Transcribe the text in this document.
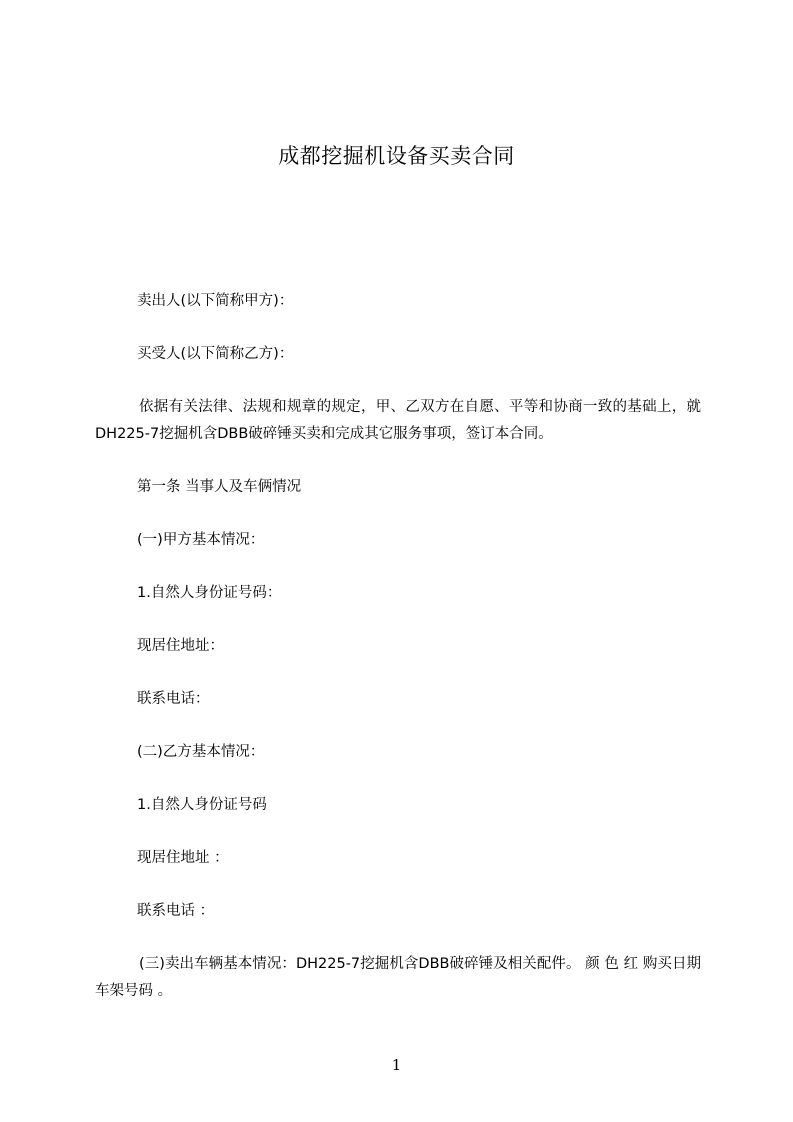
成都挖掘机设备买卖合同
卖出人(以下简称甲方)：
买受人(以下简称乙方)：
依据有关法律、法规和规章的规定，甲、乙双方在自愿、平等和协商一致的基础上，就DH225-7挖掘机含DBB破碎锤买卖和完成其它服务事项，签订本合同。
第一条 当事人及车俩情况
(一)甲方基本情况：
1.自然人身份证号码：
现居住地址：
联系电话：
(二)乙方基本情况：
1.自然人身份证号码
现居住地址 ：
联系电话 ：
(三)卖出车辆基本情况：DH225-7挖掘机含DBB破碎锤及相关配件。 颜 色 红 购买日期 车架号码 。
1
